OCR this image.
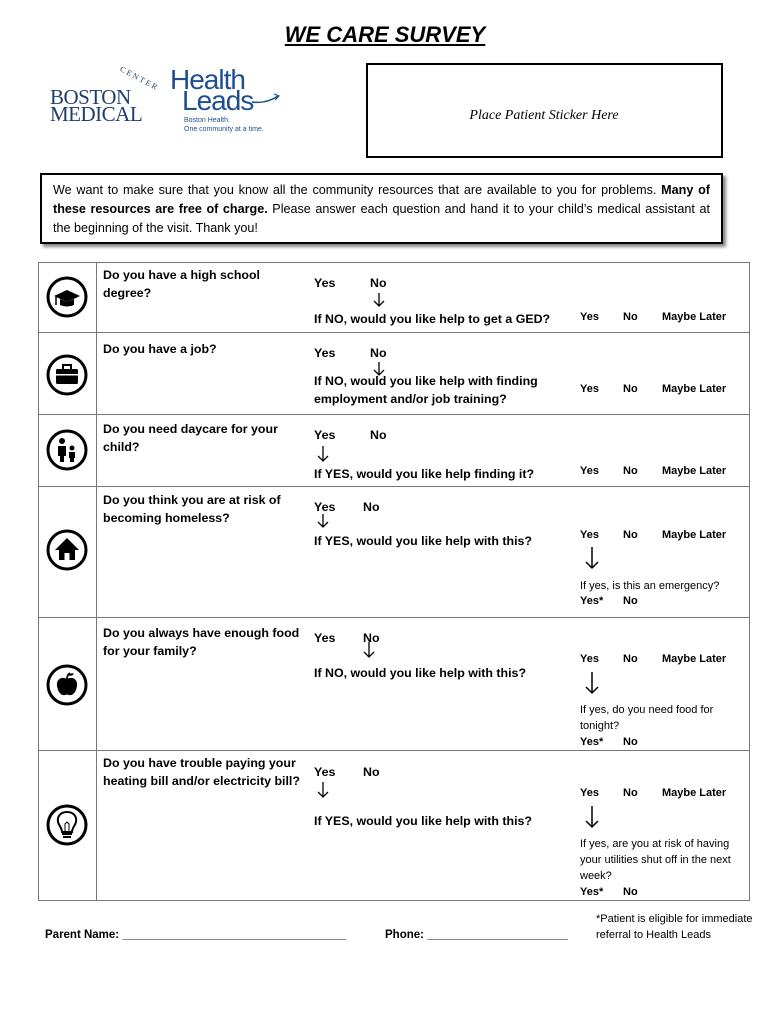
WE CARE SURVEY
CENTER
BOSTON
MEDICAL
Health
Leads
Boston Health.
One community at a time.
Place Patient Sticker Here
We want to make sure that you know all the community resources that are available to you for problems. Many of these resources are free of charge. Please answer each question and hand it to your child’s medical assistant at the beginning of the visit. Thank you!
Do you have a high school degree?
Yes	No
If NO, would you like help to get a GED?	Yes No Maybe Later
Do you have a job?	Yes	No
If NO, would you like help with finding employment and/or job training?
Yes No Maybe Later
Do you need daycare for your child?
Yes	No
If YES, would you like help finding it?	Yes No Maybe Later
Do you think you are at risk of becoming homeless?
Yes No
If YES, would you like help with this?	Yes No Maybe Later
If yes, is this an emergency?
Yes* No
Do you always have enough food for your family?
Yes No
If NO, would you like help with this?
Yes No Maybe Later
If yes, do you need food for tonight?
Yes* No
Do you have trouble paying your heating bill and/or electricity bill?
Yes No
If YES, would you like help with this?
Yes No Maybe Later
If yes, are you at risk of having your utilities shut off in the next week?
Yes* No
Parent Name: ___________________________________	Phone: ______________________
*Patient is eligible for immediate referral to Health Leads
